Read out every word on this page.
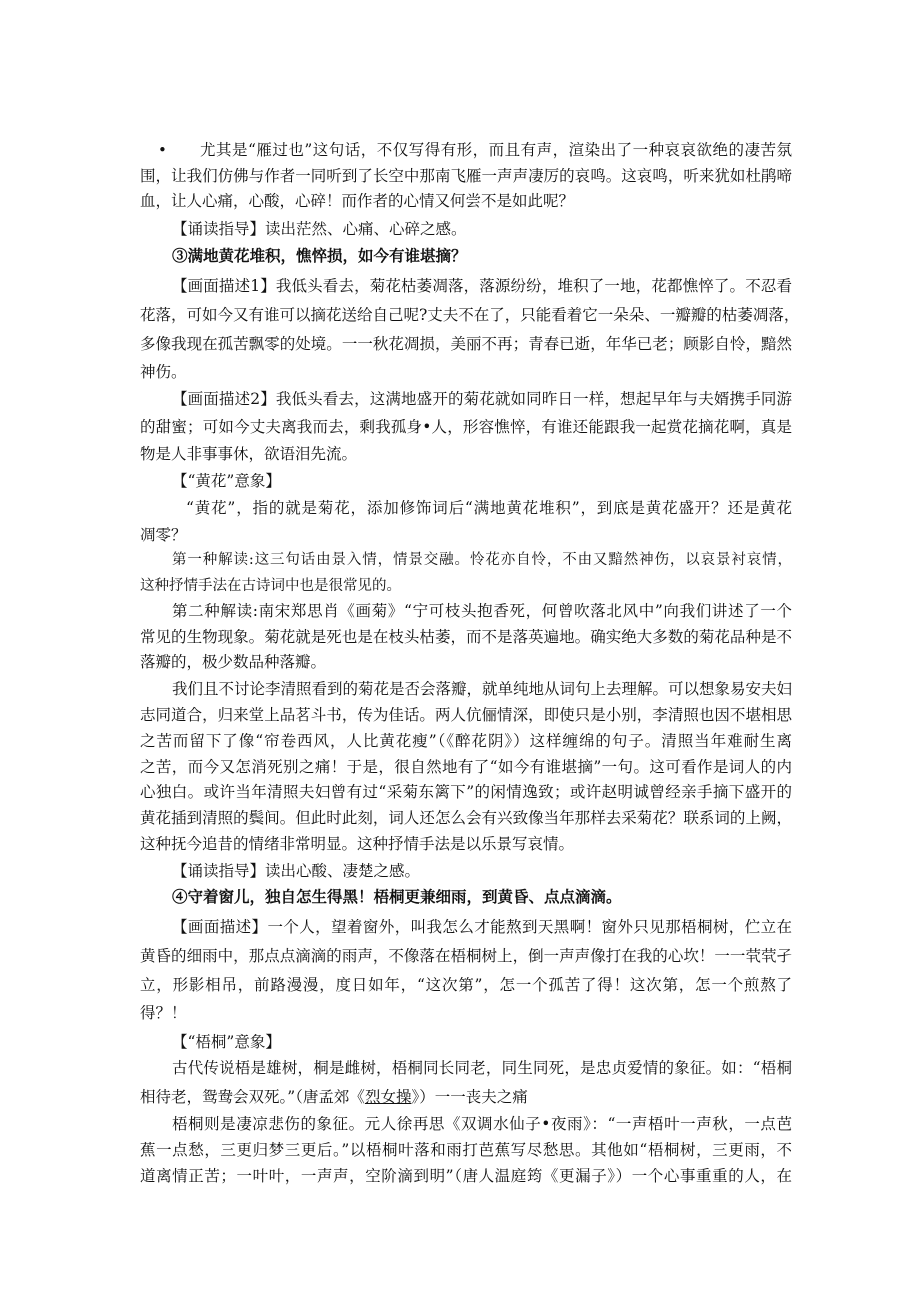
• 尤其是“雁过也”这句话，不仅写得有形，而且有声，渲染出了一种哀哀欲绝的凄苦氛

围，让我们仿佛与作者一同听到了长空中那南飞雁一声声凄厉的哀鸣。这哀鸣，听来犹如杜鹃啼

血，让人心痛，心酸，心碎！而作者的心情又何尝不是如此呢？

【诵读指导】读出茫然、心痛、心碎之感。

③满地黄花堆积，憔悴损，如今有谁堪摘？

【画面描述1】我低头看去，菊花枯萎凋落，落源纷纷，堆积了一地，花都憔悴了。不忍看

花落，可如今又有谁可以摘花送给自己呢?丈夫不在了，只能看着它一朵朵、一瓣瓣的枯萎凋落，

多像我现在孤苦飘零的处境。一一秋花凋损，美丽不再；青春已逝，年华已老；顾影自怜，黯然

神伤。

【画面描述2】我低头看去，这满地盛开的菊花就如同昨日一样，想起早年与夫婿携手同游

的甜蜜；可如今丈夫离我而去，剩我孤身•人，形容憔悴，有谁还能跟我一起赏花摘花啊，真是

物是人非事事休，欲语泪先流。

【“黄花”意象】

“黄花”，指的就是菊花，添加修饰词后“满地黄花堆积”，到底是黄花盛开？还是黄花

凋零？

第一种解读:这三句话由景入情，情景交融。怜花亦自怜，不由又黯然神伤，以哀景衬哀情，

这种抒情手法在古诗词中也是很常见的。

第二种解读:南宋郑思肖《画菊》“宁可枝头抱香死，何曾吹落北风中”向我们讲述了一个

常见的生物现象。菊花就是死也是在枝头枯萎，而不是落英遍地。确实绝大多数的菊花品种是不

落瓣的，极少数品种落瓣。

我们且不讨论李清照看到的菊花是否会落瓣，就单纯地从词句上去理解。可以想象易安夫妇

志同道合，归来堂上品茗斗书，传为佳话。两人伉俪情深，即使只是小别，李清照也因不堪相思

之苦而留下了像“帘卷西风，人比黄花瘦”（《醉花阴》）这样缠绵的句子。清照当年难耐生离

之苦，而今又怎消死别之痛！于是，很自然地有了“如今有谁堪摘”一句。这可看作是词人的内

心独白。或许当年清照夫妇曾有过“采菊东篱下”的闲情逸致；或许赵明诚曾经亲手摘下盛开的

黄花插到清照的鬓间。但此时此刻，词人还怎么会有兴致像当年那样去采菊花？联系词的上阙，

这种抚今追昔的情绪非常明显。这种抒情手法是以乐景写哀情。

【诵读指导】读出心酸、凄楚之感。

④守着窗儿，独自怎生得黑！梧桐更兼细雨，到黄昏、点点滴滴。

【画面描述】一个人，望着窗外，叫我怎么才能熬到天黑啊！窗外只见那梧桐树，伫立在

黄昏的细雨中，那点点滴滴的雨声，不像落在梧桐树上，倒一声声像打在我的心坎！一一茕茕孑

立，形影相吊，前路漫漫，度日如年，“这次第”，怎一个孤苦了得！这次第，怎一个煎熬了

得？！

【“梧桐”意象】

古代传说梧是雄树，桐是雌树，梧桐同长同老，同生同死，是忠贞爱情的象征。如：“梧桐

相待老，鸳鸯会双死。”（唐孟郊《烈女操》）一一丧夫之痛

梧桐则是凄凉悲伤的象征。元人徐再思《双调水仙子•夜雨》：“一声梧叶一声秋，一点芭

蕉一点愁，三更归梦三更后。”以梧桐叶落和雨打芭蕉写尽愁思。其他如“梧桐树，三更雨，不

道离情正苦；一叶叶，一声声，空阶滴到明”（唐人温庭筠《更漏子》）一个心事重重的人，在
